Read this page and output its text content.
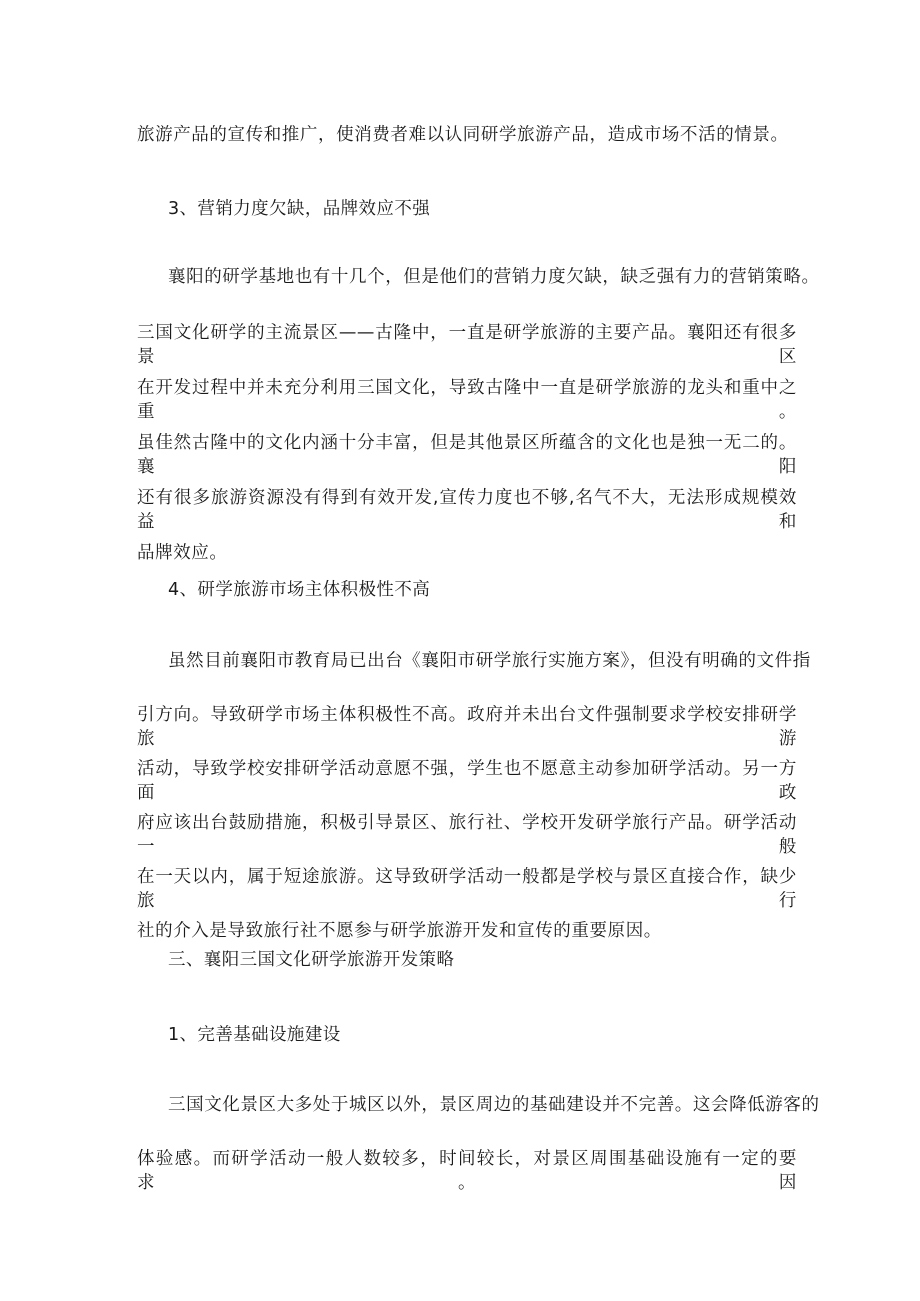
旅游产品的宣传和推广，使消费者难以认同研学旅游产品，造成市场不活的情景。
3、营销力度欠缺，品牌效应不强
襄阳的研学基地也有十几个，但是他们的营销力度欠缺，缺乏强有力的营销策略。
三国文化研学的主流景区——古隆中，一直是研学旅游的主要产品。襄阳还有很多景区
在开发过程中并未充分利用三国文化，导致古隆中一直是研学旅游的龙头和重中之重。
虽佳然古隆中的文化内涵十分丰富，但是其他景区所蕴含的文化也是独一无二的。襄阳
还有很多旅游资源没有得到有效开发,宣传力度也不够,名气不大，无法形成规模效益和
品牌效应。
4、研学旅游市场主体积极性不高
虽然目前襄阳市教育局已出台《襄阳市研学旅行实施方案》，但没有明确的文件指
引方向。导致研学市场主体积极性不高。政府并未出台文件强制要求学校安排研学旅游
活动，导致学校安排研学活动意愿不强，学生也不愿意主动参加研学活动。另一方面政
府应该出台鼓励措施，积极引导景区、旅行社、学校开发研学旅行产品。研学活动一般
在一天以内，属于短途旅游。这导致研学活动一般都是学校与景区直接合作，缺少旅行
社的介入是导致旅行社不愿参与研学旅游开发和宣传的重要原因。
三、襄阳三国文化研学旅游开发策略
1、完善基础设施建设
三国文化景区大多处于城区以外，景区周边的基础建设并不完善。这会降低游客的
体验感。而研学活动一般人数较多，时间较长，对景区周围基础设施有一定的要求。因
